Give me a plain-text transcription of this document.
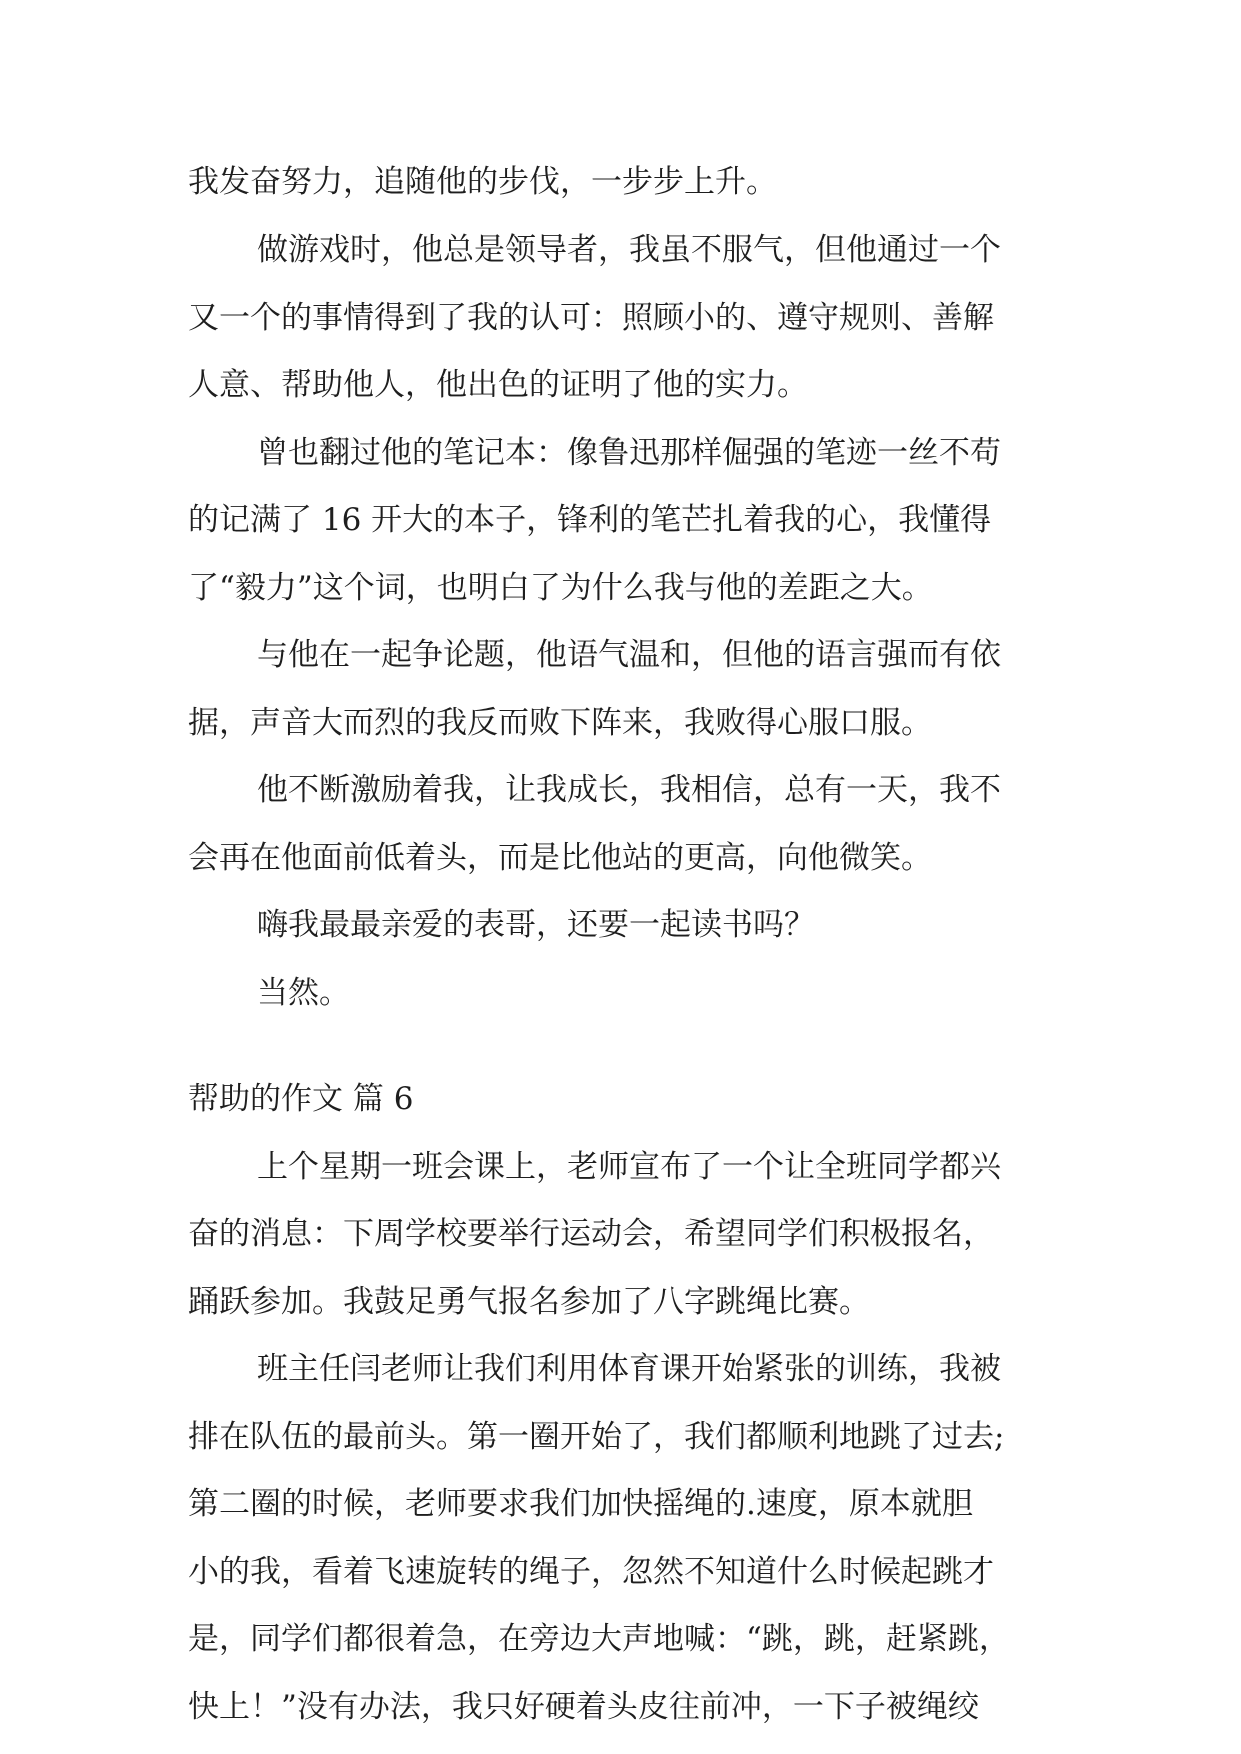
我发奋努力，追随他的步伐，一步步上升。

做游戏时，他总是领导者，我虽不服气，但他通过一个

又一个的事情得到了我的认可：照顾小的、遵守规则、善解

人意、帮助他人，他出色的证明了他的实力。

曾也翻过他的笔记本：像鲁迅那样倔强的笔迹一丝不苟

的记满了 16 开大的本子，锋利的笔芒扎着我的心，我懂得

了“毅力”这个词，也明白了为什么我与他的差距之大。

与他在一起争论题，他语气温和，但他的语言强而有依

据，声音大而烈的我反而败下阵来，我败得心服口服。

他不断激励着我，让我成长，我相信，总有一天，我不

会再在他面前低着头，而是比他站的更高，向他微笑。

嗨我最最亲爱的表哥，还要一起读书吗？

当然。

帮助的作文 篇 6

上个星期一班会课上，老师宣布了一个让全班同学都兴

奋的消息：下周学校要举行运动会，希望同学们积极报名，

踊跃参加。我鼓足勇气报名参加了八字跳绳比赛。

班主任闫老师让我们利用体育课开始紧张的训练，我被

排在队伍的最前头。第一圈开始了，我们都顺利地跳了过去;

第二圈的时候，老师要求我们加快摇绳的.速度，原本就胆

小的我，看着飞速旋转的绳子，忽然不知道什么时候起跳才

是，同学们都很着急，在旁边大声地喊：“跳，跳，赶紧跳，

快上！”没有办法，我只好硬着头皮往前冲，一下子被绳绞
